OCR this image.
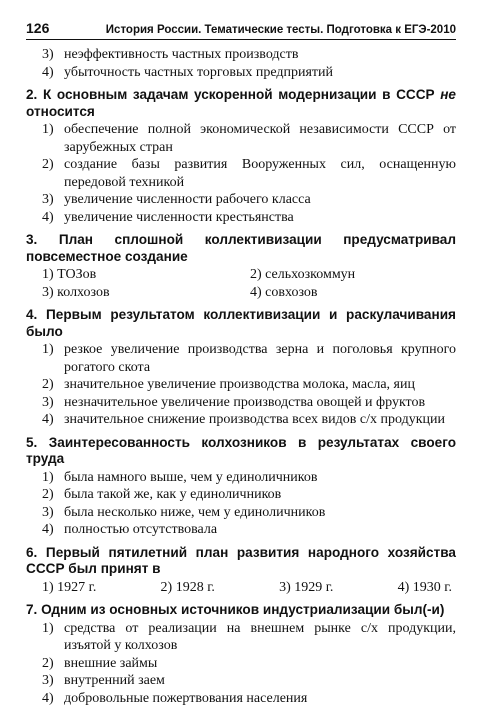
126	История России. Тематические тесты. Подготовка к ЕГЭ-2010
3) неэффективность частных производств
4) убыточность частных торговых предприятий
2. К основным задачам ускоренной модернизации в СССР не относится
1) обеспечение полной экономической независимости СССР от зарубежных стран
2) создание базы развития Вооруженных сил, оснащенную передовой техникой
3) увеличение численности рабочего класса
4) увеличение численности крестьянства
3. План сплошной коллективизации предусматривал повсеместное создание
1) ТОЗов	2) сельхозкоммун
3) колхозов	4) совхозов
4. Первым результатом коллективизации и раскулачивания было
1) резкое увеличение производства зерна и поголовья крупного рогатого скота
2) значительное увеличение производства молока, масла, яиц
3) незначительное увеличение производства овощей и фруктов
4) значительное снижение производства всех видов с/х продукции
5. Заинтересованность колхозников в результатах своего труда
1) была намного выше, чем у единоличников
2) была такой же, как у единоличников
3) была несколько ниже, чем у единоличников
4) полностью отсутствовала
6. Первый пятилетний план развития народного хозяйства СССР был принят в
1) 1927 г.	2) 1928 г.	3) 1929 г.	4) 1930 г.
7. Одним из основных источников индустриализации был(-и)
1) средства от реализации на внешнем рынке с/х продукции, изъятой у колхозов
2) внешние займы
3) внутренний заем
4) добровольные пожертвования населения
